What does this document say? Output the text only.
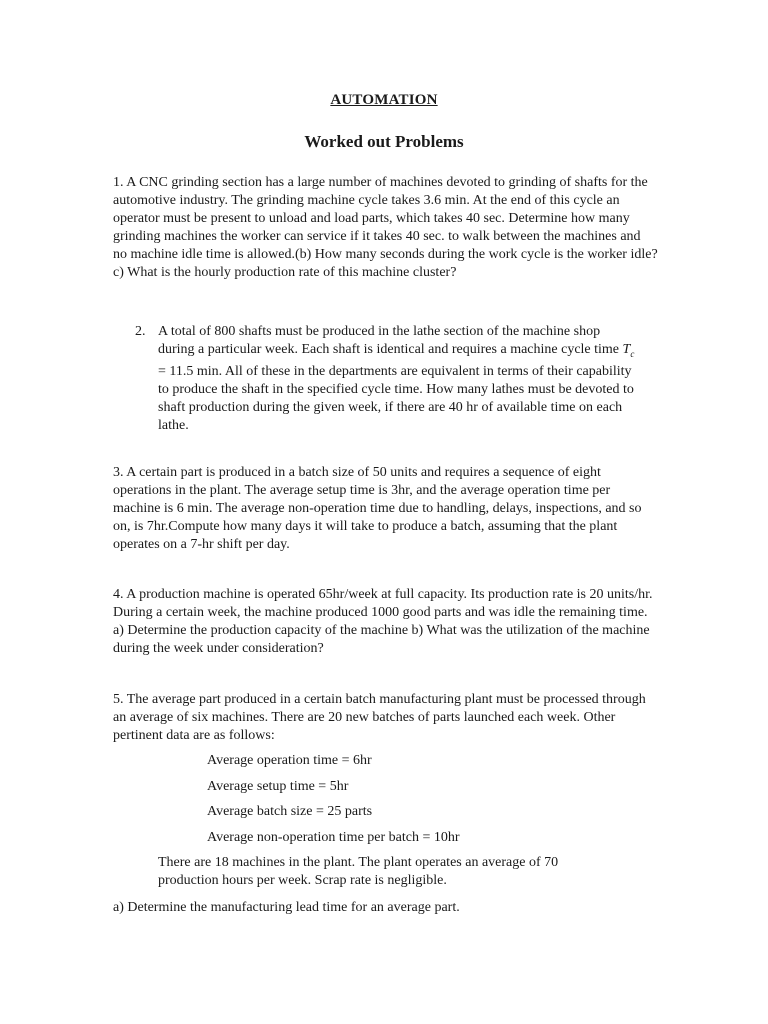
AUTOMATION
Worked out Problems
1. A CNC grinding section has a large number of machines devoted to grinding of shafts for the automotive industry. The grinding machine cycle takes 3.6 min. At the end of this cycle an operator must be present to unload and load parts, which takes 40 sec. Determine how many grinding machines the worker can service if it takes 40 sec. to walk between the machines and no machine idle time is allowed.(b) How many seconds during the work cycle is the worker idle? c) What is the hourly production rate of this machine cluster?
2. A total of 800 shafts must be produced in the lathe section of the machine shop during a particular week. Each shaft is identical and requires a machine cycle time $T_c = 11.5$ min. All of these in the departments are equivalent in terms of their capability to produce the shaft in the specified cycle time. How many lathes must be devoted to shaft production during the given week, if there are 40 hr of available time on each lathe.
3. A certain part is produced in a batch size of 50 units and requires a sequence of eight operations in the plant. The average setup time is 3hr, and the average operation time per machine is 6 min. The average non-operation time due to handling, delays, inspections, and so on, is 7hr.Compute how many days it will take to produce a batch, assuming that the plant operates on a 7-hr shift per day.
4. A production machine is operated 65hr/week at full capacity. Its production rate is 20 units/hr. During a certain week, the machine produced 1000 good parts and was idle the remaining time. a) Determine the production capacity of the machine b) What was the utilization of the machine during the week under consideration?
5. The average part produced in a certain batch manufacturing plant must be processed through an average of six machines. There are 20 new batches of parts launched each week. Other pertinent data are as follows:
Average operation time = 6hr
Average setup time = 5hr
Average batch size = 25 parts
Average non-operation time per batch = 10hr
There are 18 machines in the plant. The plant operates an average of 70 production hours per week. Scrap rate is negligible.
a) Determine the manufacturing lead time for an average part.
